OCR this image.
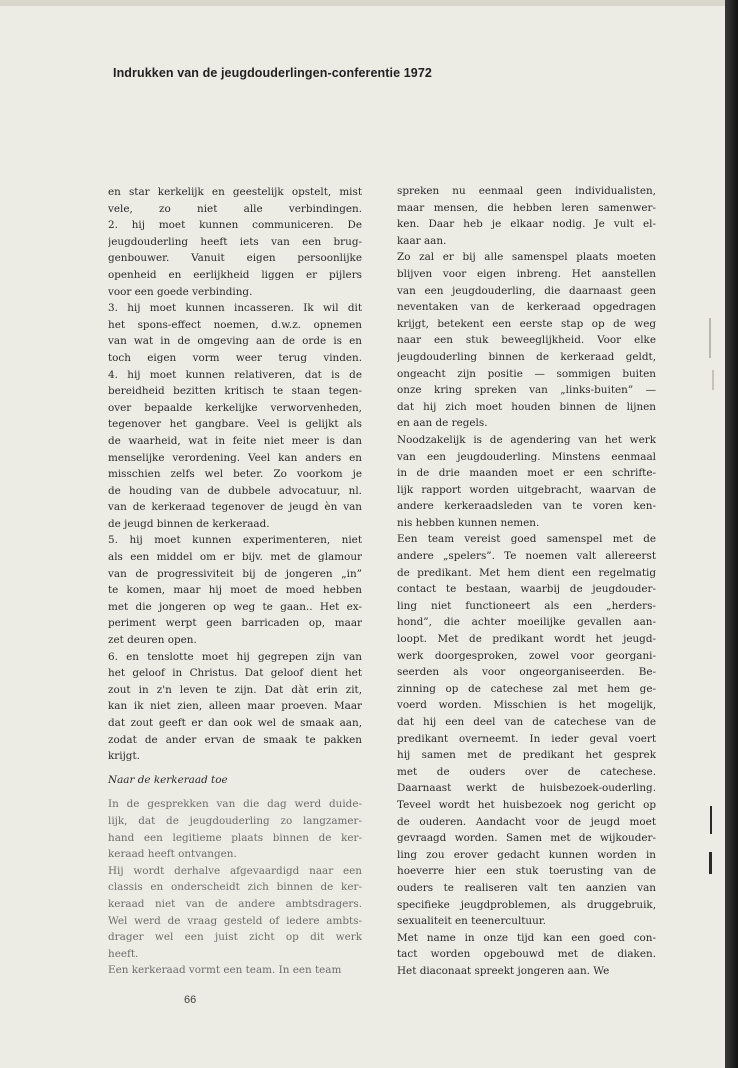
Indrukken van de jeugdouderlingen-conferentie 1972
en star kerkelijk en geestelijk opstelt, mist
vele, zo niet alle verbindingen.
2. hij moet kunnen communiceren. De
jeugdouderling heeft iets van een brug-
genbouwer. Vanuit eigen persoonlijke
openheid en eerlijkheid liggen er pijlers
voor een goede verbinding.
3. hij moet kunnen incasseren. Ik wil dit
het spons-effect noemen, d.w.z. opnemen
van wat in de omgeving aan de orde is en
toch eigen vorm weer terug vinden.
4. hij moet kunnen relativeren, dat is de
bereidheid bezitten kritisch te staan tegen-
over bepaalde kerkelijke verworvenheden,
tegenover het gangbare. Veel is gelijkt als
de waarheid, wat in feite niet meer is dan
menselijke verordening. Veel kan anders en
misschien zelfs wel beter. Zo voorkom je
de houding van de dubbele advocatuur, nl.
van de kerkeraad tegenover de jeugd èn van
de jeugd binnen de kerkeraad.
5. hij moet kunnen experimenteren, niet
als een middel om er bijv. met de glamour
van de progressiviteit bij de jongeren „in”
te komen, maar hij moet de moed hebben
met die jongeren op weg te gaan.. Het ex-
periment werpt geen barricaden op, maar
zet deuren open.
6. en tenslotte moet hij gegrepen zijn van
het geloof in Christus. Dat geloof dient het
zout in z'n leven te zijn. Dat dàt erin zit,
kan ik niet zien, alleen maar proeven. Maar
dat zout geeft er dan ook wel de smaak aan,
zodat de ander ervan de smaak te pakken
krijgt.
Naar de kerkeraad toe
In de gesprekken van die dag werd duide-
lijk, dat de jeugdouderling zo langzamer-
hand een legitieme plaats binnen de ker-
keraad heeft ontvangen.
Hij wordt derhalve afgevaardigd naar een
classis en onderscheidt zich binnen de ker-
keraad niet van de andere ambtsdragers.
Wel werd de vraag gesteld of iedere ambts-
drager wel een juist zicht op dit werk
heeft.
Een kerkeraad vormt een team. In een team
spreken nu eenmaal geen individualisten,
maar mensen, die hebben leren samenwer-
ken. Daar heb je elkaar nodig. Je vult el-
kaar aan.
Zo zal er bij alle samenspel plaats moeten
blijven voor eigen inbreng. Het aanstellen
van een jeugdouderling, die daarnaast geen
neventaken van de kerkeraad opgedragen
krijgt, betekent een eerste stap op de weg
naar een stuk beweeglijkheid. Voor elke
jeugdouderling binnen de kerkeraad geldt,
ongeacht zijn positie — sommigen buiten
onze kring spreken van „links-buiten” —
dat hij zich moet houden binnen de lijnen
en aan de regels.
Noodzakelijk is de agendering van het werk
van een jeugdouderling. Minstens eenmaal
in de drie maanden moet er een schrifte-
lijk rapport worden uitgebracht, waarvan de
andere kerkeraadsleden van te voren ken-
nis hebben kunnen nemen.
Een team vereist goed samenspel met de
andere „spelers”. Te noemen valt allereerst
de predikant. Met hem dient een regelmatig
contact te bestaan, waarbij de jeugdouder-
ling niet functioneert als een „herders-
hond”, die achter moeilijke gevallen aan-
loopt. Met de predikant wordt het jeugd-
werk doorgesproken, zowel voor georgani-
seerden als voor ongeorganiseerden. Be-
zinning op de catechese zal met hem ge-
voerd worden. Misschien is het mogelijk,
dat hij een deel van de catechese van de
predikant overneemt. In ieder geval voert
hij samen met de predikant het gesprek
met de ouders over de catechese.
Daarnaast werkt de huisbezoek-ouderling.
Teveel wordt het huisbezoek nog gericht op
de ouderen. Aandacht voor de jeugd moet
gevraagd worden. Samen met de wijkouder-
ling zou erover gedacht kunnen worden in
hoeverre hier een stuk toerusting van de
ouders te realiseren valt ten aanzien van
specifieke jeugdproblemen, als druggebruik,
sexualiteit en teenercultuur.
Met name in onze tijd kan een goed con-
tact worden opgebouwd met de diaken.
Het diaconaat spreekt jongeren aan. We
66
